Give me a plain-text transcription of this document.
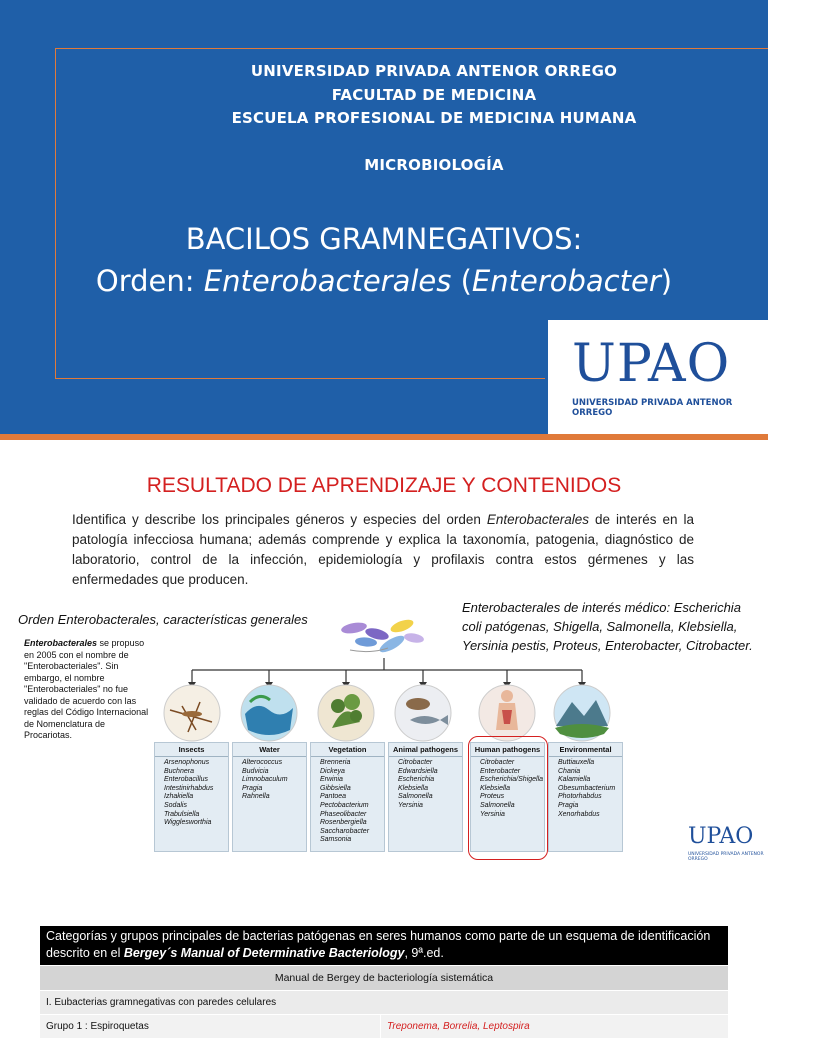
UNIVERSIDAD PRIVADA ANTENOR ORREGO
FACULTAD DE MEDICINA
ESCUELA PROFESIONAL DE MEDICINA HUMANA
MICROBIOLOGÍA
BACILOS GRAMNEGATIVOS:
Orden: Enterobacterales (Enterobacter)
UPAO
UNIVERSIDAD PRIVADA ANTENOR ORREGO
RESULTADO DE APRENDIZAJE Y CONTENIDOS
Identifica y describe los principales géneros y especies del orden Enterobacterales de interés en la patología infecciosa humana; además comprende y explica la taxonomía, patogenia, diagnóstico de laboratorio, control de la infección, epidemiología y profilaxis contra estos gérmenes y las enfermedades que producen.
Orden Enterobacterales, características generales
Enterobacterales se propuso en 2005 con el nombre de "Enterobacteriales". Sin embargo, el nombre "Enterobacteriales" no fue validado de acuerdo con las reglas del Código Internacional de Nomenclatura de Procariotas.
Enterobacterales de interés médico: Escherichia coli patógenas, Shigella, Salmonella, Klebsiella, Yersinia pestis, Proteus, Enterobacter, Citrobacter.
Insects
Arsenophonus
Buchnera
Enterobacillus
Intestinirhabdus
Izhakiella
Sodalis
Trabulsiella
Wigglesworthia
Water
Alterococcus
Budvicia
Limnobaculum
Pragia
Rahnella
Vegetation
Brenneria
Dickeya
Erwinia
Gibbsiella
Pantoea
Pectobacterium
Phaseolibacter
Rosenbergiella
Saccharobacter
Samsonia
Animal pathogens
Citrobacter
Edwardsiella
Escherichia
Klebsiella
Salmonella
Yersinia
Human pathogens
Citrobacter
Enterobacter
Escherichia/Shigella
Klebsiella
Proteus
Salmonella
Yersinia
Environmental
Buttiauxella
Chania
Kalamiella
Obesumbacterium
Photorhabdus
Pragia
Xenorhabdus
UPAO
UNIVERSIDAD PRIVADA ANTENOR ORREGO
Categorías y grupos principales de bacterias patógenas en seres humanos como parte de un esquema de identificación descrito en el Bergey´s Manual of Determinative Bacteriology, 9ª.ed.
Manual de Bergey de bacteriología sistemática
I. Eubacterias gramnegativas con paredes celulares
Grupo 1 : Espiroquetas	Treponema, Borrelia, Leptospira
